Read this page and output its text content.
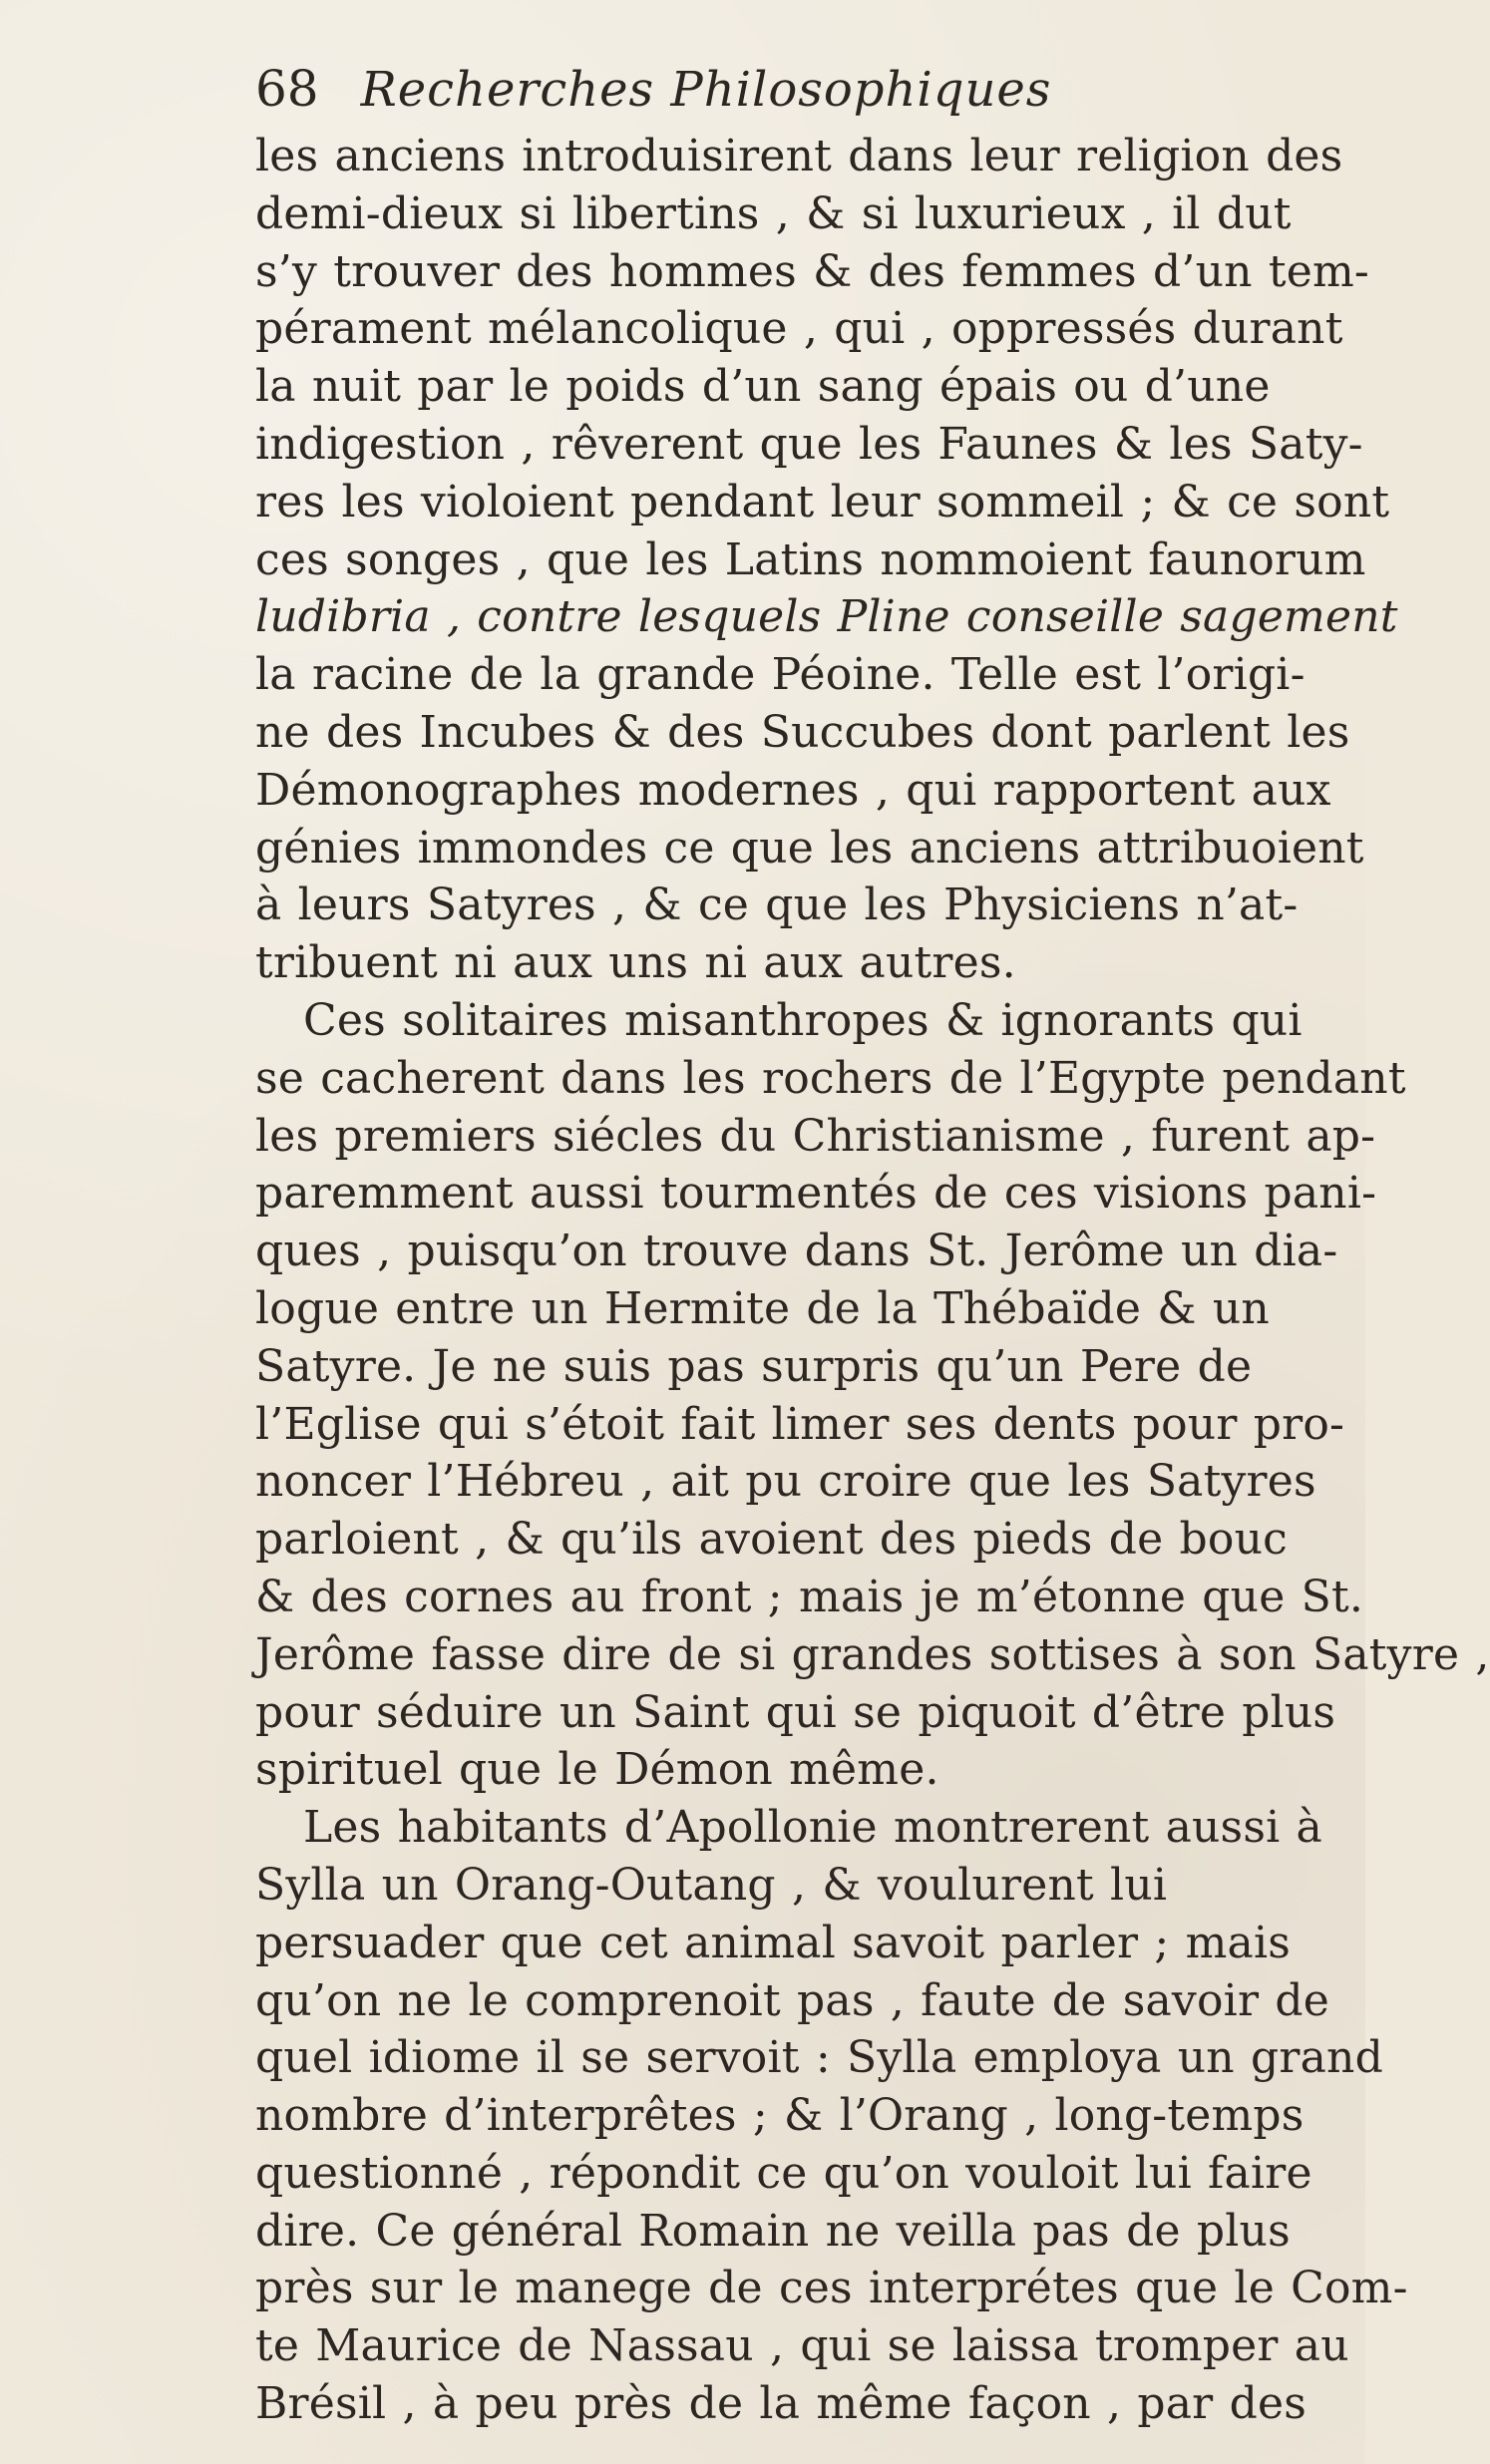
68 Recherches Philosophiques
les anciens introduisirent dans leur religion des
demi-dieux si libertins , & si luxurieux , il dut
s’y trouver des hommes & des femmes d’un tem-
pérament mélancolique , qui , oppressés durant
la nuit par le poids d’un sang épais ou d’une
indigestion , rêverent que les Faunes & les Saty-
res les violoient pendant leur sommeil ; & ce sont
ces songes , que les Latins nommoient faunorum
ludibria , contre lesquels Pline conseille sagement
la racine de la grande Péoine. Telle est l’origi-
ne des Incubes & des Succubes dont parlent les
Démonographes modernes , qui rapportent aux
génies immondes ce que les anciens attribuoient
à leurs Satyres , & ce que les Physiciens n’at-
tribuent ni aux uns ni aux autres.
Ces solitaires misanthropes & ignorants qui
se cacherent dans les rochers de l’Egypte pendant
les premiers siécles du Christianisme , furent ap-
paremment aussi tourmentés de ces visions pani-
ques , puisqu’on trouve dans St. Jerôme un dia-
logue entre un Hermite de la Thébaïde & un
Satyre. Je ne suis pas surpris qu’un Pere de
l’Eglise qui s’étoit fait limer ses dents pour pro-
noncer l’Hébreu , ait pu croire que les Satyres
parloient , & qu’ils avoient des pieds de bouc
& des cornes au front ; mais je m’étonne que St.
Jerôme fasse dire de si grandes sottises à son Satyre ,
pour séduire un Saint qui se piquoit d’être plus
spirituel que le Démon même.
Les habitants d’Apollonie montrerent aussi à
Sylla un Orang-Outang , & voulurent lui
persuader que cet animal savoit parler ; mais
qu’on ne le comprenoit pas , faute de savoir de
quel idiome il se servoit : Sylla employa un grand
nombre d’interprêtes ; & l’Orang , long-temps
questionné , répondit ce qu’on vouloit lui faire
dire. Ce général Romain ne veilla pas de plus
près sur le manege de ces interprétes que le Com-
te Maurice de Nassau , qui se laissa tromper au
Brésil , à peu près de la même façon , par des
